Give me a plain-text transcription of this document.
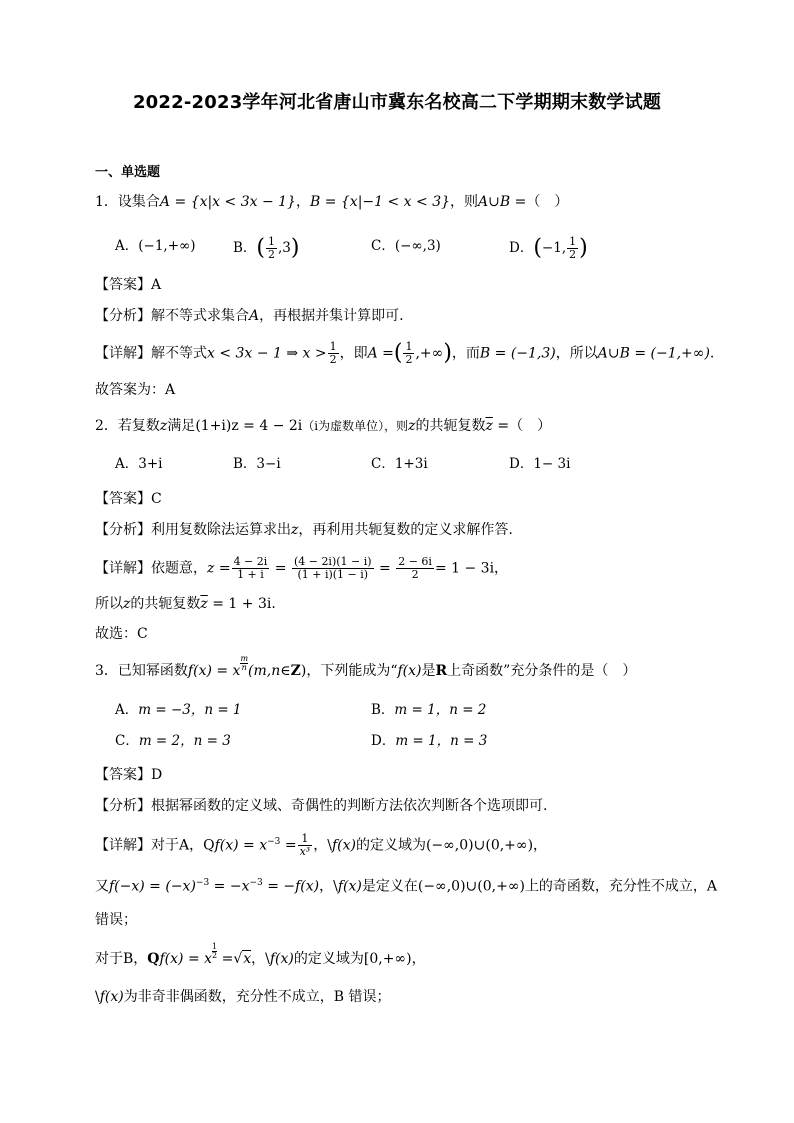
2022-2023学年河北省唐山市冀东名校高二下学期期末数学试题
一、单选题
1．设集合A = {x|x < 3x − 1}，B = {x|−1 < x < 3}，则A∪B =（　）
A．(−1,+∞)	B．( $\frac{1}{2} ,3$)	C．(−∞,3)	D．(−1, $\frac{1}{2}$ )
【答案】A
【分析】解不等式求集合A，再根据并集计算即可.
【详解】解不等式x < 3x − 1 ⇒ $x > \frac{1}{2}$ ，即A =( $\frac{1}{2}$ ,+∞)，而B = (−1,3)，所以A∪B = (−1,+∞).
故答案为：A
2．若复数z满足(1+i)z = 4 − 2i（i为虚数单位），则z的共轭复数$\overline{z}$ =（　）
A．3+i	B．3−i	C．1+3i	D．1− 3i
【答案】C
【分析】利用复数除法运算求出z，再利用共轭复数的定义求解作答.
【详解】依题意，$z = \frac{4 - 2i}{1 + i} = \frac{(4 - 2i)(1 - i)}{(1 + i)(1 - i)} = \frac{2 - 6i}{2} = 1 - 3i$，
所以z的共轭复数$\overline{z} = 1 + 3i$.
故选：C
3．已知幂函数f(x) = x $\frac{m}{n}$ (m,n∈Z)，下列能成为“f(x)是R上奇函数”充分条件的是（　）
A．m = −3，n = 1	B．m = 1，n = 2
C．m = 2，n = 3	D．m = 1，n = 3
【答案】D
【分析】根据幂函数的定义域、奇偶性的判断方法依次判断各个选项即可.
【详解】对于A，$Qf(x) = x^{-3} = \frac{1}{\text{x³}}$ ，\f(x)的定义域为(−∞,0)∪(0,+∞)，
又$f(-x) = (-x)^{-3} = -x^{-3} = -f(x)$，\f(x)是定义在(−∞,0)∪(0,+∞)上的奇函数，充分性不成立，A
错误；
对于B，Qf(x) = x $\frac{1}{2} =√x$，\f(x)的定义域为[0,+∞)，
\f(x)为非奇非偶函数，充分性不成立，B 错误；
